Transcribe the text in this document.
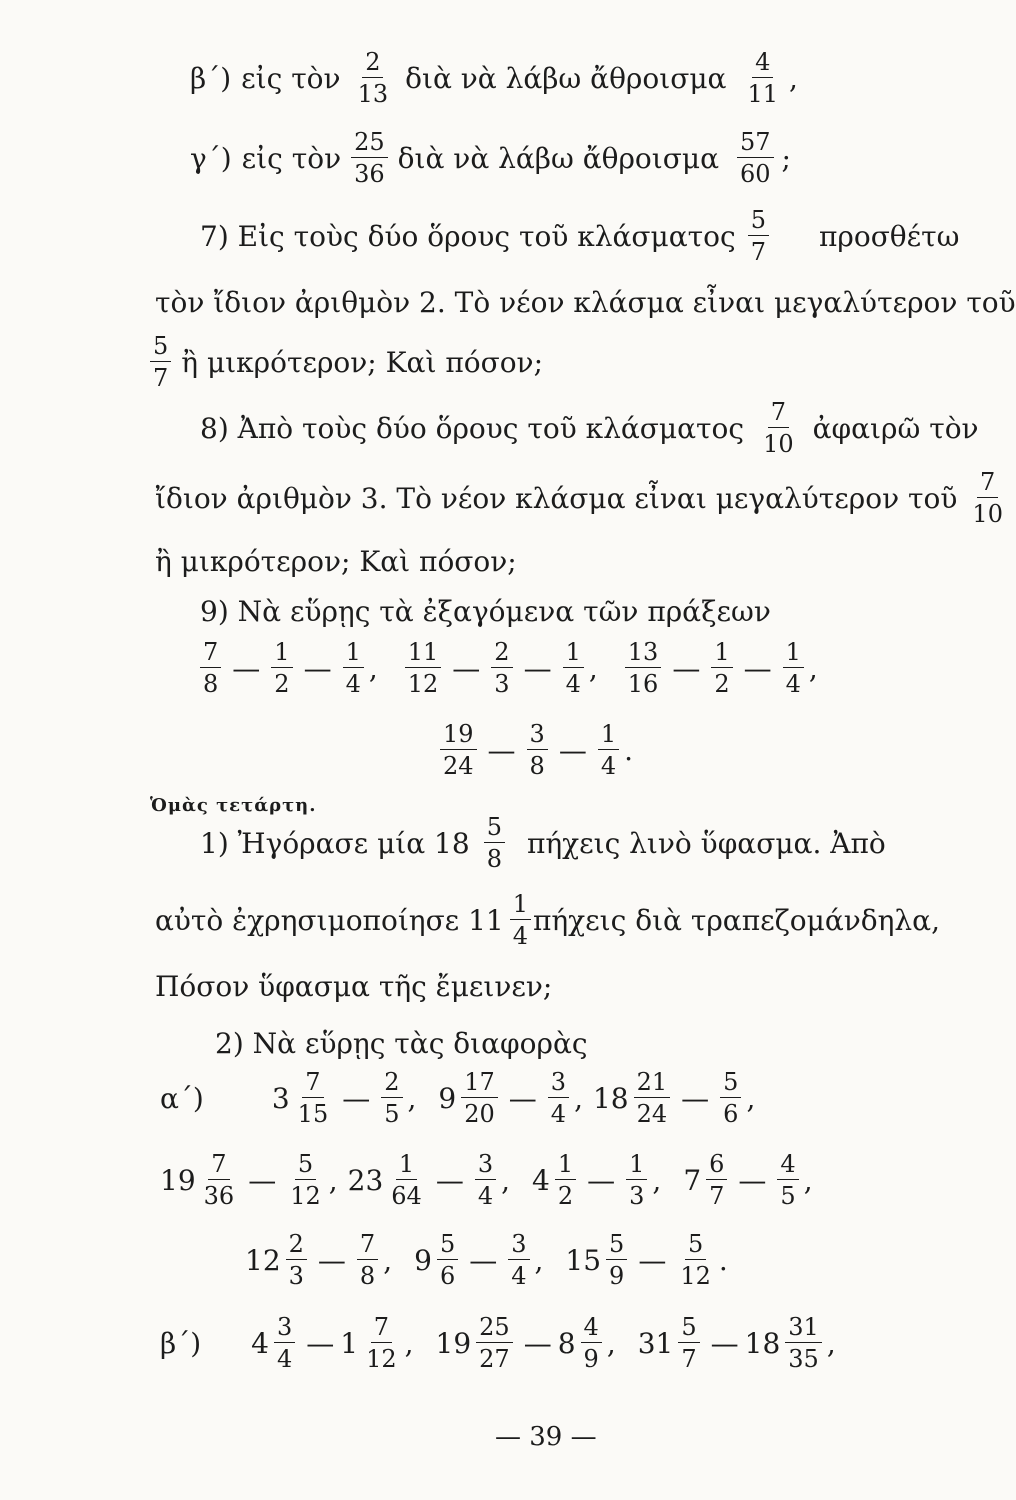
β΄) εἰς τὸν 2
13 διὰ νὰ λάβω ἄθροισμα 4
11 ,
γ΄) εἰς τὸν 25
36 διὰ νὰ λάβω ἄθροισμα 57
60 ;
7) Εἰς τοὺς δύο ὅρους τοῦ κλάσματος 5
7 προσθέτω
τὸν ἴδιον ἀριθμὸν 2. Τὸ νέον κλάσμα εἶναι μεγαλύτερον τοῦ
5
7 ἢ μικρότερον; Καὶ πόσον;
8) Ἀπὸ τοὺς δύο ὅρους τοῦ κλάσματος 7
10 ἀφαιρῶ τὸν
ἴδιον ἀριθμὸν 3. Τὸ νέον κλάσμα εἶναι μεγαλύτερον τοῦ 7
10
ἢ μικρότερον; Καὶ πόσον;
9) Νὰ εὕρῃς τὰ ἐξαγόμενα τῶν πράξεων
7
8 — 1
2 — 1
4 , 11
12 — 2
3 — 1
4 , 13
16 — 1
2 — 1
4 ,
19
24 — 3
8 — 1
4 .
Ὁμὰς τετάρτη.
1) Ἠγόρασε μία 18 5
8 πήχεις λινὸ ὕφασμα. Ἀπὸ
αὐτὸ ἐχρησιμοποίησε 11 1
4 πήχεις διὰ τραπεζομάνδηλα,
Πόσον ὕφασμα τῆς ἔμεινεν;
2) Νὰ εὕρῃς τὰς διαφορὰς
α΄) 3 7
15 — 2
5 , 9 17
20 — 3
4 , 18 21
24 — 5
6 ,
19 7
36 — 5
12 , 23 1
64 — 3
4 , 4 1
2 — 1
3 , 7 6
7 — 4
5 ,
12 2
3 — 7
8 , 9 5
6 — 3
4 , 15 5
9 — 5
12 .
β΄) 4 3
4 — 1 7
12 , 19 25
27 — 8 4
9 , 31 5
7 — 18 31
35 ,
— 39 —
